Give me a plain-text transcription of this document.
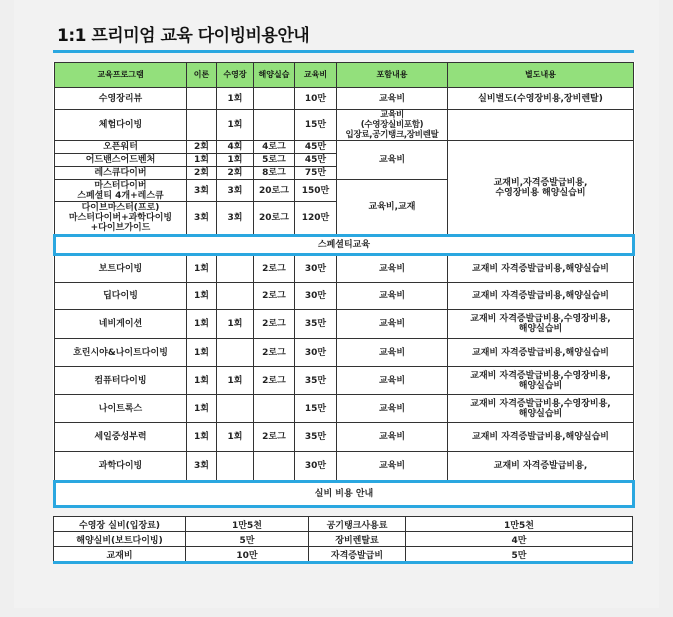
1:1 프리미엄 교육 다이빙비용안내
교육프로그램	이론	수영장	해양실습	교육비	포함내용	별도내용
수영장리뷰		1회		10만	교육비	실비별도(수영장비용,장비렌탈)
체험다이빙		1회		15만	교육비
(수영장실비포함)
입장료,공기탱크,장비렌탈	

오픈워터	2회	4회	4로그	45만	교육비	교재비,자격증발급비용,
수영장비용 해양실습비

어드밴스어드벤처	1회	1회	5로그	45만		
레스큐다이버	2회	2회	8로그	75만		

마스터다이버
스페셜티 4개+레스큐	3회	3회	20로그	150만	교육비,교재	

다이브마스터(프로)
마스터다이버+과학다이빙
+다이브가이드	3회	3회	20로그	120만		
스페셜티교육						
보트다이빙	1회		2로그	30만	교육비	교재비 자격증발급비용,해양실습비

딥다이빙	1회		2로그	30만	교육비	교재비 자격증발급비용,해양실습비

네비게이션	1회	1회	2로그	35만	교육비	교재비 자격증발급비용,수영장비용,
해양실습비

흐린시야&나이트다이빙	1회		2로그	30만	교육비	교재비 자격증발급비용,해양실습비

컴퓨터다이빙	1회	1회	2로그	35만	교육비	교재비 자격증발급비용,수영장비용,
해양실습비

나이트록스	1회			15만	교육비	교재비 자격증발급비용,수영장비용,
해양실습비

세일중성부력	1회	1회	2로그	35만	교육비	교재비 자격증발급비용,해양실습비

과학다이빙	3회			30만	교육비	교재비 자격증발급비용,

실비 비용 안내						
수영장 실비(입장료)	1만5천	공기탱크사용료	1만5천
해양실비(보트다이빙)	5만	장비렌탈료	4만
교재비	10만	자격증발급비	5만
